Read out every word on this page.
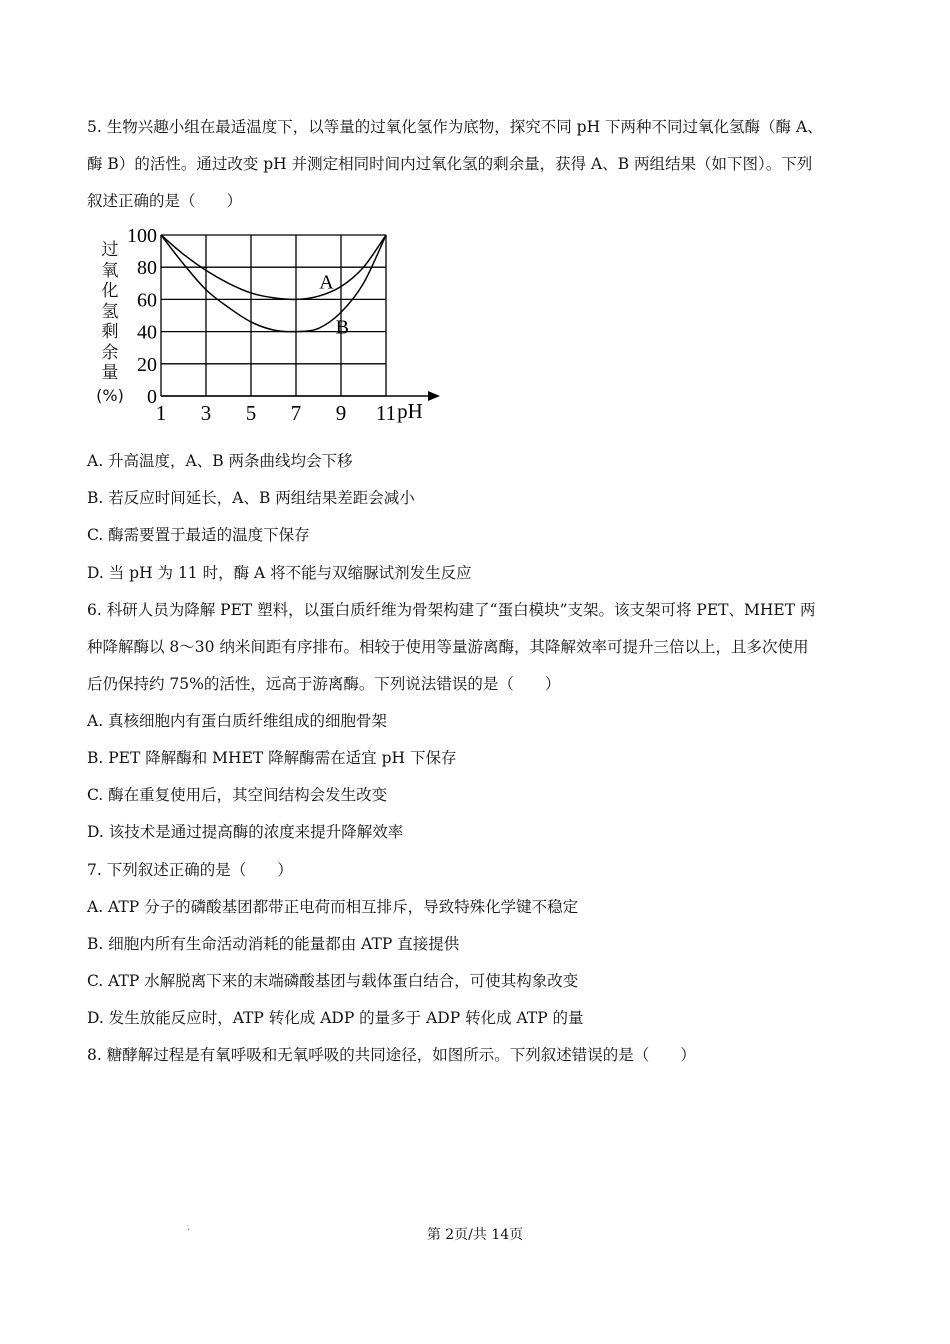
5. 生物兴趣小组在最适温度下，以等量的过氧化氢作为底物，探究不同 pH 下两种不同过氧化氢酶（酶 A、
酶 B）的活性。通过改变 pH 并测定相同时间内过氧化氢的剩余量，获得 A、B 两组结果（如下图）。下列
叙述正确的是（　　）
过
氧
化
氢
剩
余
量
(%)
1 3 5 7 9 11 pH
0
20
40
60
80
100
A
B
A. 升高温度，A、B 两条曲线均会下移
B. 若反应时间延长，A、B 两组结果差距会减小
C. 酶需要置于最适的温度下保存
D. 当 pH 为 11 时，酶 A 将不能与双缩脲试剂发生反应
6. 科研人员为降解 PET 塑料，以蛋白质纤维为骨架构建了“蛋白模块”支架。该支架可将 PET、MHET 两
种降解酶以 8～30 纳米间距有序排布。相较于使用等量游离酶，其降解效率可提升三倍以上，且多次使用
后仍保持约 75%的活性，远高于游离酶。下列说法错误的是（　　）
A. 真核细胞内有蛋白质纤维组成的细胞骨架
B. PET 降解酶和 MHET 降解酶需在适宜 pH 下保存
C. 酶在重复使用后，其空间结构会发生改变
D. 该技术是通过提高酶的浓度来提升降解效率
7. 下列叙述正确的是（　　）
A. ATP 分子的磷酸基团都带正电荷而相互排斥，导致特殊化学键不稳定
B. 细胞内所有生命活动消耗的能量都由 ATP 直接提供
C. ATP 水解脱离下来的末端磷酸基团与载体蛋白结合，可使其构象改变
D. 发生放能反应时，ATP 转化成 ADP 的量多于 ADP 转化成 ATP 的量
8. 糖酵解过程是有氧呼吸和无氧呼吸的共同途径，如图所示。下列叙述错误的是（　　）
.	第 2页/共 14页
